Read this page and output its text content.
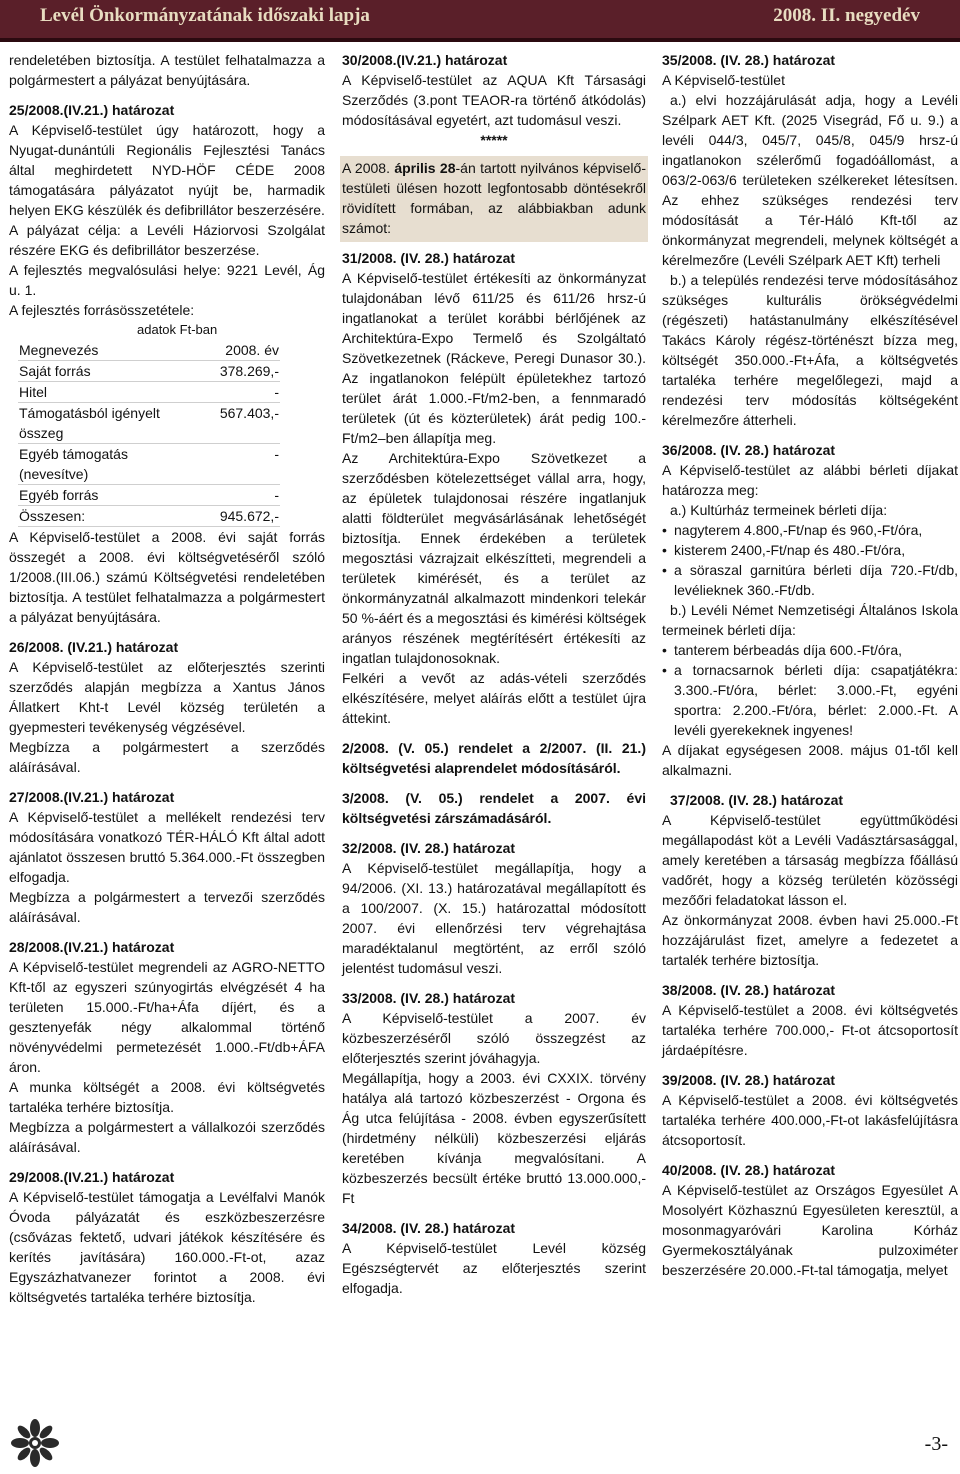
Levél Önkormányzatának időszaki lapja	2008. II. negyedév

rendeletében biztosítja. A testület felhatalmazza a polgármestert a pályázat benyújtására.

25/2008.(IV.21.) határozat

A Képviselő-testület úgy határozott, hogy a Nyugat-dunántúli Regionális Fejlesztési Tanács által meghirdetett NYD-HÖF CÉDE 2008 támogatására pályázatot nyújt be, harmadik helyen EKG készülék és defibrillátor beszerzésére.

A pályázat célja: a Levéli Háziorvosi Szolgálat részére EKG és defibrillátor beszerzése.

A fejlesztés megvalósulási helye: 9221 Levél, Ág u. 1.

A fejlesztés forrásösszetétele:

adatok Ft-ban
Megnevezés	2008. év
Saját forrás	378.269,-
Hitel	-
Támogatásból igényelt összeg	567.403,-
Egyéb támogatás (nevesítve)	-
Egyéb forrás	-
Összesen:	945.672,-

A Képviselő-testület a 2008. évi saját forrás összegét a 2008. évi költségvetéséről szóló 1/2008.(III.06.) számú Költségvetési rendeletében biztosítja. A testület felhatalmazza a polgármestert a pályázat benyújtására.

26/2008. (IV.21.) határozat

A Képviselő-testület az előterjesztés szerinti szerződés alapján megbízza a Xantus János Állatkert Kht-t Levél község területén a gyepmesteri tevékenység végzésével.

Megbízza a polgármestert a szerződés aláírásával.

27/2008.(IV.21.) határozat

A Képviselő-testület a mellékelt rendezési terv módosítására vonatkozó TÉR-HÁLÓ Kft által adott ajánlatot összesen bruttó 5.364.000.-Ft összegben elfogadja.

Megbízza a polgármestert a tervezői szerződés aláírásával.

28/2008.(IV.21.) határozat

A Képviselő-testület megrendeli az AGRO-NETTO Kft-től az egyszeri szúnyogirtás elvégzését 4 ha területen 15.000.-Ft/ha+Áfa díjért, és a gesztenyefák négy alkalommal történő növényvédelmi permetezését 1.000.-Ft/db+ÁFA áron.

A munka költségét a 2008. évi költségvetés tartaléka terhére biztosítja.

Megbízza a polgármestert a vállalkozói szerződés aláírásával.

29/2008.(IV.21.) határozat

A Képviselő-testület támogatja a Levélfalvi Manók Óvoda pályázatát és eszközbeszerzésre (csővázas fektető, udvari játékok készítésére és kerítés javítására) 160.000.-Ft-ot, azaz Egyszázhatvanezer forintot a 2008. évi költségvetés tartaléka terhére biztosítja.

30/2008.(IV.21.) határozat

A Képviselő-testület az AQUA Kft Társasági Szerződés (3.pont TEAOR-ra történő átkódolás) módosításával egyetért, azt tudomásul veszi.

*****

A 2008. április 28-án tartott nyilvános képviselő-testületi ülésen hozott legfontosabb döntésekről rövidített formában, az alábbiakban adunk számot:

31/2008. (IV. 28.) határozat

A Képviselő-testület értékesíti az önkormányzat tulajdonában lévő 611/25 és 611/26 hrsz-ú ingatlanokat a terület korábbi bérlőjének az Architektúra-Expo Termelő és Szolgáltató Szövetkezetnek (Ráckeve, Peregi Dunasor 30.). Az ingatlanokon felépült épületekhez tartozó terület árát 1.000.-Ft/m2-ben, a fennmaradó területek (út és közterületek) árát pedig 100.-Ft/m2–ben állapítja meg.

Az Architektúra-Expo Szövetkezet a szerződésben kötelezettséget vállal arra, hogy, az épületek tulajdonosai részére ingatlanjuk alatti földterület megvásárlásának lehetőségét biztosítja. Ennek érdekében a területek megosztási vázrajzait elkészítteti, megrendeli a területek kimérését, és a terület az önkormányzatnál alkalmazott mindenkori telekár 50 %-áért és a megosztási és kimérési költségek arányos részének megtérítésért értékesíti az ingatlan tulajdonosoknak.

Felkéri a vevőt az adás-vételi szerződés elkészítésére, melyet aláírás előtt a testület újra áttekint.

2/2008. (V. 05.) rendelet a 2/2007. (II. 21.) költségvetési alaprendelet módosításáról.

3/2008. (V. 05.) rendelet a 2007. évi költségvetési zárszámadásáról.

32/2008. (IV. 28.) határozat

A Képviselő-testület megállapítja, hogy a 94/2006. (XI. 13.) határozatával megállapított és a 100/2007. (X. 15.) határozattal módosított 2007. évi ellenőrzési terv végrehajtása maradéktalanul megtörtént, az erről szóló jelentést tudomásul veszi.

33/2008. (IV. 28.) határozat

A Képviselő-testület a 2007. év közbeszerzéséről szóló összegzést az előterjesztés szerint jóváhagyja.

Megállapítja, hogy a 2003. évi CXXIX. törvény hatálya alá tartozó közbeszerzést - Orgona és Ág utca felújítása - 2008. évben egyszerűsített (hirdetmény nélküli) közbeszerzési eljárás keretében kívánja megvalósítani. A közbeszerzés becsült értéke bruttó 13.000.000,-Ft

34/2008. (IV. 28.) határozat

A Képviselő-testület Levél község Egészségtervét az előterjesztés szerint elfogadja.

35/2008. (IV. 28.) határozat

A Képviselő-testület

a.) elvi hozzájárulását adja, hogy a Levéli Szélpark AET Kft. (2025 Visegrád, Fő u. 9.) a levéli 044/3, 045/7, 045/8, 045/9 hrsz-ú ingatlanokon szélerőmű fogadóállomást, a 063/2-063/6 területeken szélkereket létesítsen. Az ehhez szükséges rendezési terv módosítását a Tér-Háló Kft-től az önkormányzat megrendeli, melynek költségét a kérelmezőre (Levéli Szélpark AET Kft) terheli

b.) a település rendezési terve módosításához szükséges kulturális örökségvédelmi (régészeti) hatástanulmány elkészítésével Takács Károly régész-történészt bízza meg, költségét 350.000.-Ft+Áfa, a költségvetés tartaléka terhére megelőlegezi, majd a rendezési terv módosítás költségeként kérelmezőre átterheli.

36/2008. (IV. 28.) határozat

A Képviselő-testület az alábbi bérleti díjakat határozza meg:

a.) Kultúrház termeinek bérleti díja:

• nagyterem 4.800,-Ft/nap és 960,-Ft/óra,
• kisterem 2400,-Ft/nap és 480.-Ft/óra,
• a söraszal garnitúra bérleti díja 720.-Ft/db, levélieknek 360.-Ft/db.

b.) Levéli Német Nemzetiségi Általános Iskola termeinek bérleti díja:

• tanterem bérbeadás díja 600.-Ft/óra,
• a tornacsarnok bérleti díja: csapatjátékra: 3.300.-Ft/óra, bérlet: 3.000.-Ft, egyéni sportra: 2.200.-Ft/óra, bérlet: 2.000.-Ft. A levéli gyerekeknek ingyenes!

A díjakat egységesen 2008. május 01-től kell alkalmazni.

37/2008. (IV. 28.) határozat

A Képviselő-testület együttműködési megállapodást köt a Levéli Vadásztársasággal, amely keretében a társaság megbízza főállású vadőrét, hogy a község területén közösségi mezőőri feladatokat lásson el.

Az önkormányzat 2008. évben havi 25.000.-Ft hozzájárulást fizet, amelyre a fedezetet a tartalék terhére biztosítja.

38/2008. (IV. 28.) határozat

A Képviselő-testület a 2008. évi költségvetés tartaléka terhére 700.000,- Ft-ot átcsoportosít járdaépítésre.

39/2008. (IV. 28.) határozat

A Képviselő-testület a 2008. évi költségvetés tartaléka terhére 400.000,-Ft-ot lakásfelújításra átcsoportosít.

40/2008. (IV. 28.) határozat

A Képviselő-testület az Országos Egyesület A Mosolyért Közhasznú Egyesületen keresztül, a mosonmagyaróvári Karolina Kórház Gyermekosztályának pulzoximéter beszerzésére 20.000.-Ft-tal támogatja, melyet

-3-
